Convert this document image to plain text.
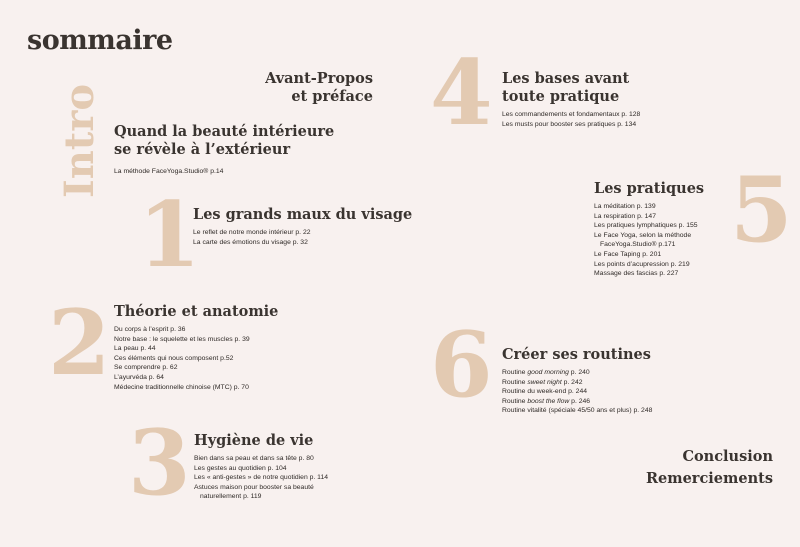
sommaire
Avant-Propos
et préface
Intro Quand la beauté intérieure
se révèle à l’extérieur
La méthode FaceYoga.Studio® p.14
1
Les grands maux du visage
Le reflet de notre monde intérieur p. 22
La carte des émotions du visage p. 32
2 Théorie et anatomie
Du corps à l’esprit p. 36
Notre base : le squelette et les muscles p. 39
La peau p. 44
Ces éléments qui nous composent p.52
Se comprendre p. 62
L’ayurvéda p. 64
Médecine traditionnelle chinoise (MTC) p. 70
3 Hygiène de vie
Bien dans sa peau et dans sa tête p. 80
Les gestes au quotidien p. 104
Les « anti-gestes » de notre quotidien p. 114
Astuces maison pour booster sa beauté
naturellement p. 119
4 Les bases avant
toute pratique
Les commandements et fondamentaux p. 128
Les musts pour booster ses pratiques p. 134
5
Les pratiques
La méditation p. 139
La respiration p. 147
Les pratiques lymphatiques p. 155
Le Face Yoga, selon la méthode
FaceYoga.Studio® p.171
Le Face Taping p. 201
Les points d’acupression p. 219
Massage des fascias p. 227
6 Créer ses routines
Routine good morning p. 240
Routine sweet night p. 242
Routine du week-end p. 244
Routine boost the flow p. 246
Routine vitalité (spéciale 45/50 ans et plus) p. 248
Conclusion
Remerciements
